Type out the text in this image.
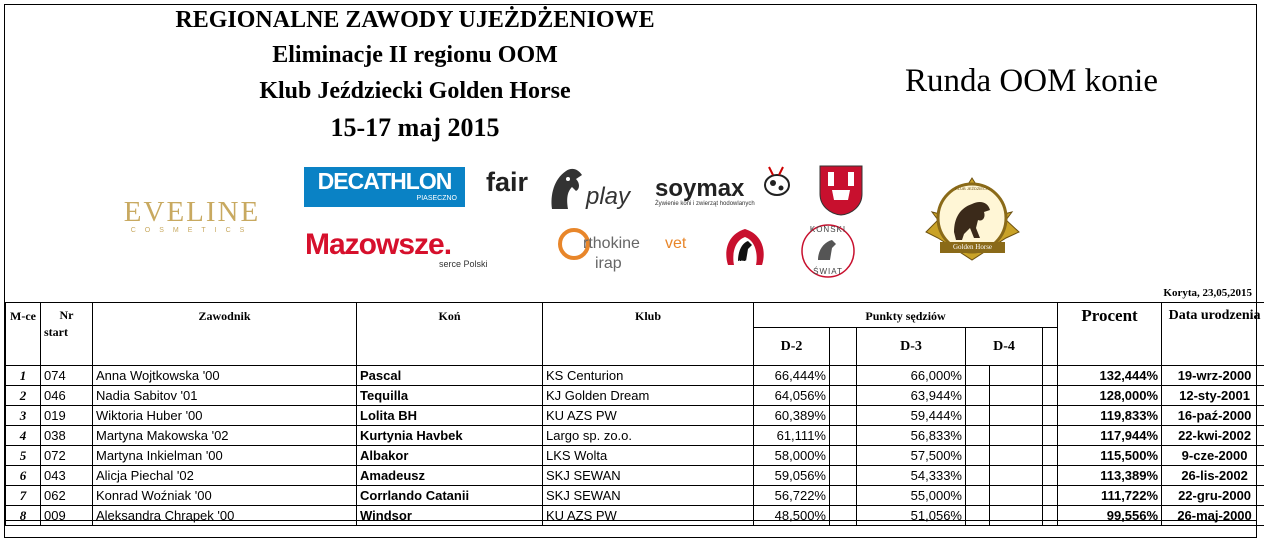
REGIONALNE ZAWODY UJEŻDŻENIOWE
Eliminacje II regionu OOM
Klub Jeździecki Golden Horse
15-17 maj 2015
Runda OOM konie
EVELINE
COSMETICS
DECATHLON
PIASECZNO
fair play soymax
Żywienie koni i zwierząt hodowlanych
Golden Horse
KLUB JEŹDZIECKI
Mazowsze.
serce Polski
rthokine vet
irap	WKFJ
KOŃSKI
ŚWIAT
Koryta, 23,05,2015
M-ce	Nr
start	Zawodnik	Koń	Klub	Punkty sędziów						Procent	Data urodzenia
					D-2		D-3	D-4				
1	074	Anna Wojtkowska '00	Pascal	KS Centurion	66,444%		66,000%				132,444%	19-wrz-2000
2	046	Nadia Sabitov '01	Tequilla	KJ Golden Dream	64,056%		63,944%				128,000%	12-sty-2001
3	019	Wiktoria Huber '00	Lolita BH	KU AZS PW	60,389%		59,444%				119,833%	16-paź-2000
4	038	Martyna Makowska '02	Kurtynia Havbek	Largo sp. zo.o.	61,111%		56,833%				117,944%	22-kwi-2002
5	072	Martyna Inkielman '00	Albakor	LKS Wolta	58,000%		57,500%				115,500%	9-cze-2000
6	043	Alicja Piechal '02	Amadeusz	SKJ SEWAN	59,056%		54,333%				113,389%	26-lis-2002
7	062	Konrad Woźniak '00	Corrlando Catanii	SKJ SEWAN	56,722%		55,000%				111,722%	22-gru-2000
8	009	Aleksandra Chrapek '00	Windsor	KU AZS PW	48,500%		51,056%				99,556%	26-maj-2000
